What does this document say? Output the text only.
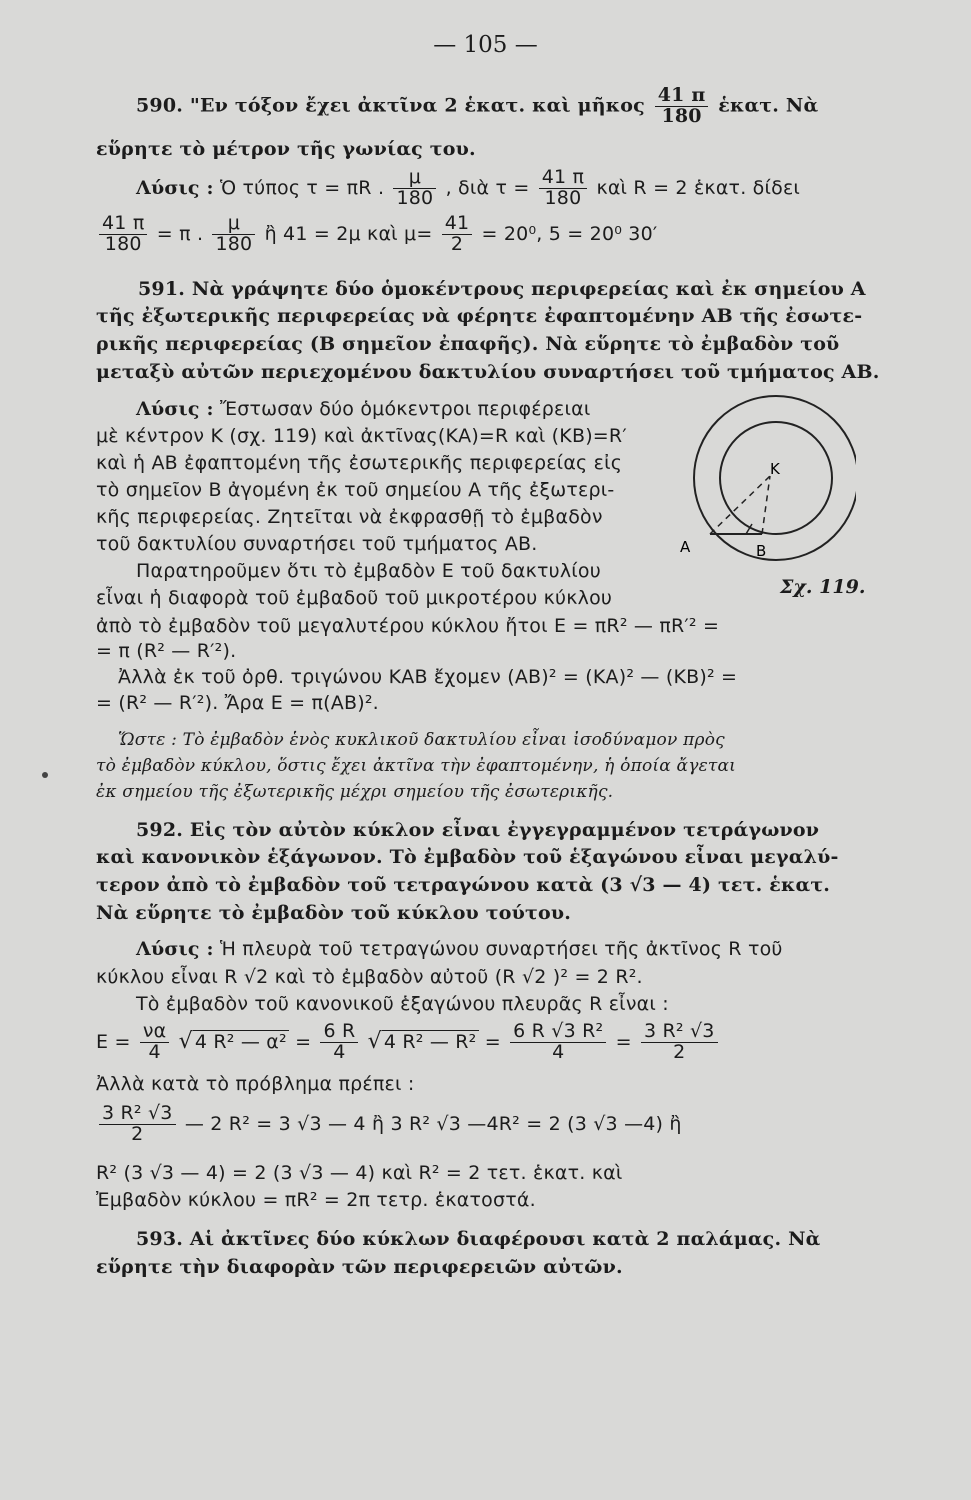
— 105 —
590. "Εν τόξον ἔχει ἀκτῖνα 2 ἑκατ. καὶ μῆκος $\frac{41 \pi}{180}$ ἑκατ. Νὰ
εὕρητε τὸ μέτρον τῆς γωνίας του.
Λύσις : Ὁ τύπος τ = πR . $\frac{\mu}{180}$ , διὰ $\tau = \frac{41 \pi}{180}$ καὶ R = 2 ἑκατ. δίδει
$\frac{41 \pi}{180} = \pi$ . $\frac{\mu}{180}$ ἢ 41 = 2μ καὶ $\mu= \frac{41}{2} = 20^0$, 5 = 20⁰ 30′
591. Νὰ γράψητε δύο ὁμοκέντρους περιφερείας καὶ ἐκ σημείου Α
τῆς ἐξωτερικῆς περιφερείας νὰ φέρητε ἐφαπτομένην ΑΒ τῆς ἐσωτε-
ρικῆς περιφερείας (Β σημεῖον ἐπαφῆς). Νὰ εὕρητε τὸ ἐμβαδὸν τοῦ
μεταξὺ αὐτῶν περιεχομένου δακτυλίου συναρτήσει τοῦ τμήματος ΑΒ.
Λύσις : Ἔστωσαν δύο ὁμόκεντροι περιφέρειαι
μὲ κέντρον Κ (σχ. 119) καὶ ἀκτῖνας(ΚΑ)=R καὶ (ΚΒ)=R′
καὶ ἡ ΑΒ ἐφαπτομένη τῆς ἐσωτερικῆς περιφερείας εἰς
τὸ σημεῖον Β ἀγομένη ἐκ τοῦ σημείου Α τῆς ἐξωτερι-
κῆς περιφερείας. Ζητεῖται νὰ ἐκφρασθῇ τὸ ἐμβαδὸν
τοῦ δακτυλίου συναρτήσει τοῦ τμήματος ΑΒ.
Παρατηροῦμεν ὅτι τὸ ἐμβαδὸν Ε τοῦ δακτυλίου
εἶναι ἡ διαφορὰ τοῦ ἐμβαδοῦ τοῦ μικροτέρου κύκλου
K
A	B
Σχ. 119.
ἀπὸ τὸ ἐμβαδὸν τοῦ μεγαλυτέρου κύκλου ἤτοι Ε = πR² — πR′² =
= π (R² — R′²).
Ἀλλὰ ἐκ τοῦ ὀρθ. τριγώνου ΚΑΒ ἔχομεν (ΑΒ)² = (ΚΑ)² — (ΚΒ)² =
= (R² — R′²). Ἄρα Ε = π(ΑΒ)².
Ὥστε : Τὸ ἐμβαδὸν ἑνὸς κυκλικοῦ δακτυλίου εἶναι ἰσοδύναμον πρὸς
τὸ ἐμβαδὸν κύκλου, ὅστις ἔχει ἀκτῖνα τὴν ἐφαπτομένην, ἡ ὁποία ἄγεται
ἐκ σημείου τῆς ἐξωτερικῆς μέχρι σημείου τῆς ἐσωτερικῆς.
592. Εἰς τὸν αὐτὸν κύκλον εἶναι ἐγγεγραμμένον τετράγωνον
καὶ κανονικὸν ἑξάγωνον. Τὸ ἐμβαδὸν τοῦ ἑξαγώνου εἶναι μεγαλύ-
τερον ἀπὸ τὸ ἐμβαδὸν τοῦ τετραγώνου κατὰ (3 √3 — 4) τετ. ἑκατ.
Νὰ εὕρητε τὸ ἐμβαδὸν τοῦ κύκλου τούτου.
Λύσις : Ἡ πλευρὰ τοῦ τετραγώνου συναρτήσει τῆς ἀκτῖνος R τοῦ
κύκλου εἶναι R √2 καὶ τὸ ἐμβαδὸν αὐτοῦ (R √2 )² = 2 R².
Τὸ ἐμβαδὸν τοῦ κανονικοῦ ἑξαγώνου πλευρᾶς R εἶναι :
$E = \frac{\nu\alpha}{4}$ √ 4 R² — $\alpha^2 = \frac{6 R}{4}$ √ 4 R² — $R^2 = \frac{\text{6 R √3 R²}}{4} = \frac{\text{3 R² √3}}{2}$
Ἀλλὰ κατὰ τὸ πρόβλημα πρέπει :
$\frac{\text{3 R² √3}}{2}$ — 2 R² = 3 √3 — 4 ἢ 3 R² √3 —4R² = 2 (3 √3 —4) ἢ
R² (3 √3 — 4) = 2 (3 √3 — 4) καὶ R² = 2 τετ. ἑκατ. καὶ
Ἐμβαδὸν κύκλου = πR² = 2π τετρ. ἑκατοστά.
593. Αἱ ἀκτῖνες δύο κύκλων διαφέρουσι κατὰ 2 παλάμας. Νὰ
εὕρητε τὴν διαφορὰν τῶν περιφερειῶν αὐτῶν.
